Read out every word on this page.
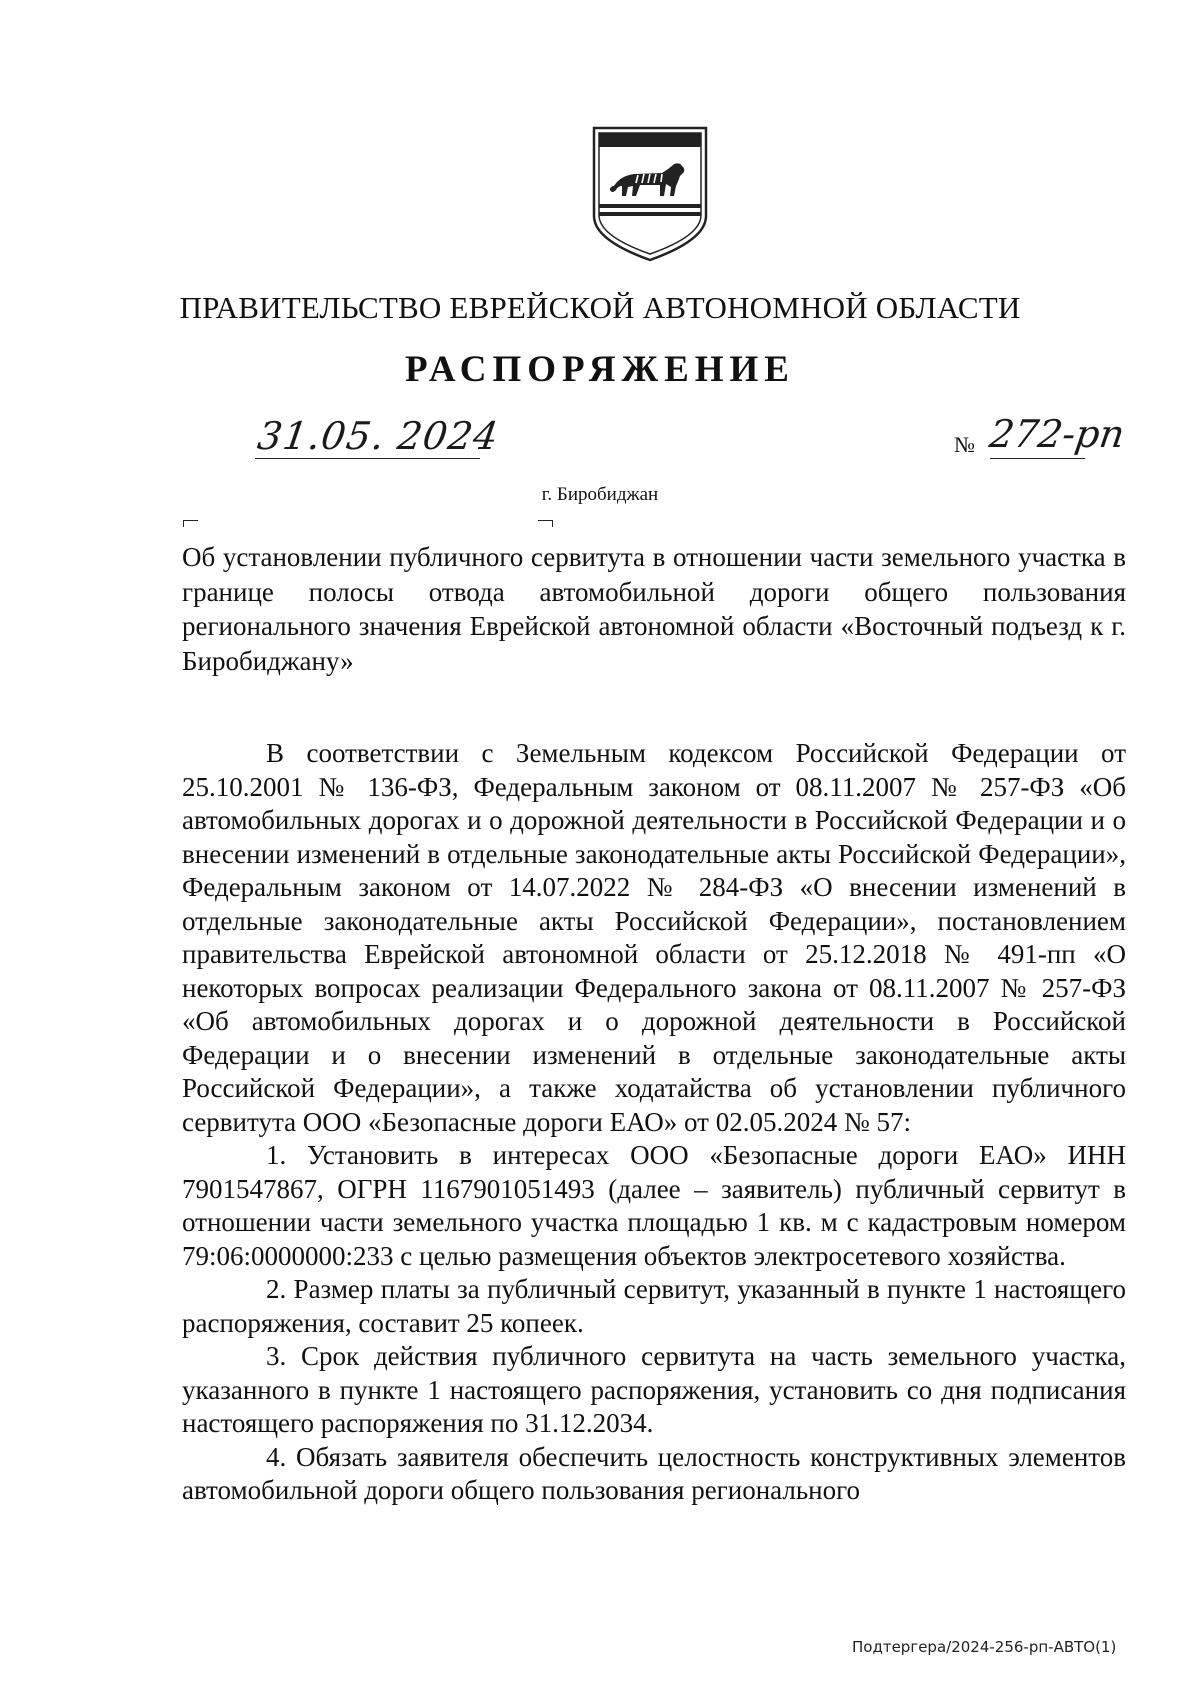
ПРАВИТЕЛЬСТВО ЕВРЕЙСКОЙ АВТОНОМНОЙ ОБЛАСТИ
РАСПОРЯЖЕНИЕ
31.05. 2024	№ 272-рп
г. Биробиджан
Об установлении публичного сервитута в отношении части земельного участка в границе полосы отвода автомобильной дороги общего пользования регионального значения Еврейской автономной области «Восточный подъезд к г. Биробиджану»

В соответствии с Земельным кодексом Российской Федерации от 25.10.2001 № 136-ФЗ, Федеральным законом от 08.11.2007 № 257-ФЗ «Об автомобильных дорогах и о дорожной деятельности в Российской Федерации и о внесении изменений в отдельные законодательные акты Российской Федерации», Федеральным законом от 14.07.2022 № 284-ФЗ «О внесении изменений в отдельные законодательные акты Российской Федерации», постановлением правительства Еврейской автономной области от 25.12.2018 № 491-пп «О некоторых вопросах реализации Федерального закона от 08.11.2007 № 257-ФЗ «Об автомобильных дорогах и о дорожной деятельности в Российской Федерации и о внесении изменений в отдельные законодательные акты Российской Федерации», а также ходатайства об установлении публичного сервитута ООО «Безопасные дороги ЕАО» от 02.05.2024 № 57:

1. Установить в интересах ООО «Безопасные дороги ЕАО» ИНН 7901547867, ОГРН 1167901051493 (далее – заявитель) публичный сервитут в отношении части земельного участка площадью 1 кв. м с кадастровым номером 79:06:0000000:233 с целью размещения объектов электросетевого хозяйства.

2. Размер платы за публичный сервитут, указанный в пункте 1 настоящего распоряжения, составит 25 копеек.

3. Срок действия публичного сервитута на часть земельного участка, указанного в пункте 1 настоящего распоряжения, установить со дня подписания настоящего распоряжения по 31.12.2034.

4. Обязать заявителя обеспечить целостность конструктивных элементов автомобильной дороги общего пользования регионального

Подтергера/2024-256-рп-АВТО(1)
